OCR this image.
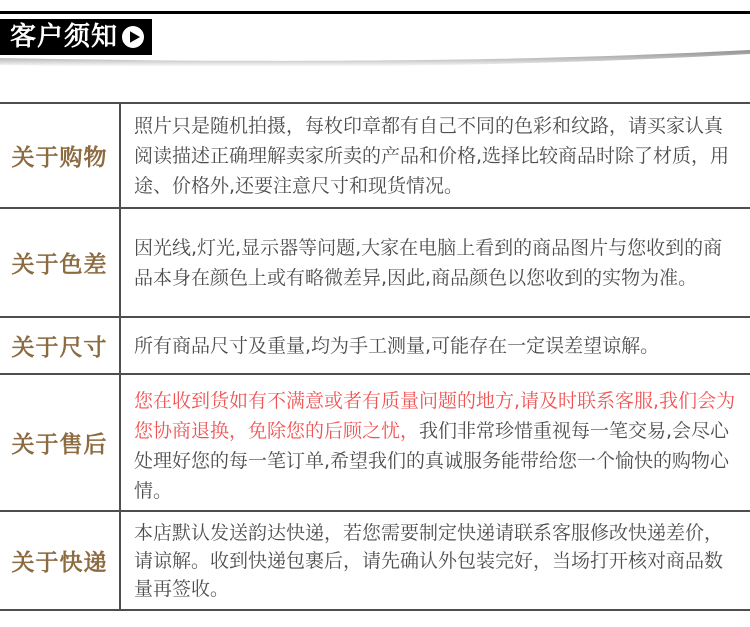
客户须知
关于购物

照片只是随机拍摄，每枚印章都有自己不同的色彩和纹路，请买家认真阅读描述正确理解卖家所卖的产品和价格,选择比较商品时除了材质，用途、价格外,还要注意尺寸和现货情况。

关于色差

因光线,灯光,显示器等问题,大家在电脑上看到的商品图片与您收到的商品本身在颜色上或有略微差异,因此,商品颜色以您收到的实物为准。

关于尺寸	所有商品尺寸及重量,均为手工测量,可能存在一定误差望谅解。

关于售后

您在收到货如有不满意或者有质量问题的地方,请及时联系客服,我们会为您协商退换，免除您的后顾之忧，我们非常珍惜重视每一笔交易,会尽心处理好您的每一笔订单,希望我们的真诚服务能带给您一个愉快的购物心情。

关于快递

本店默认发送韵达快递，若您需要制定快递请联系客服修改快递差价，请谅解。收到快递包裹后，请先确认外包装完好，当场打开核对商品数量再签收。
